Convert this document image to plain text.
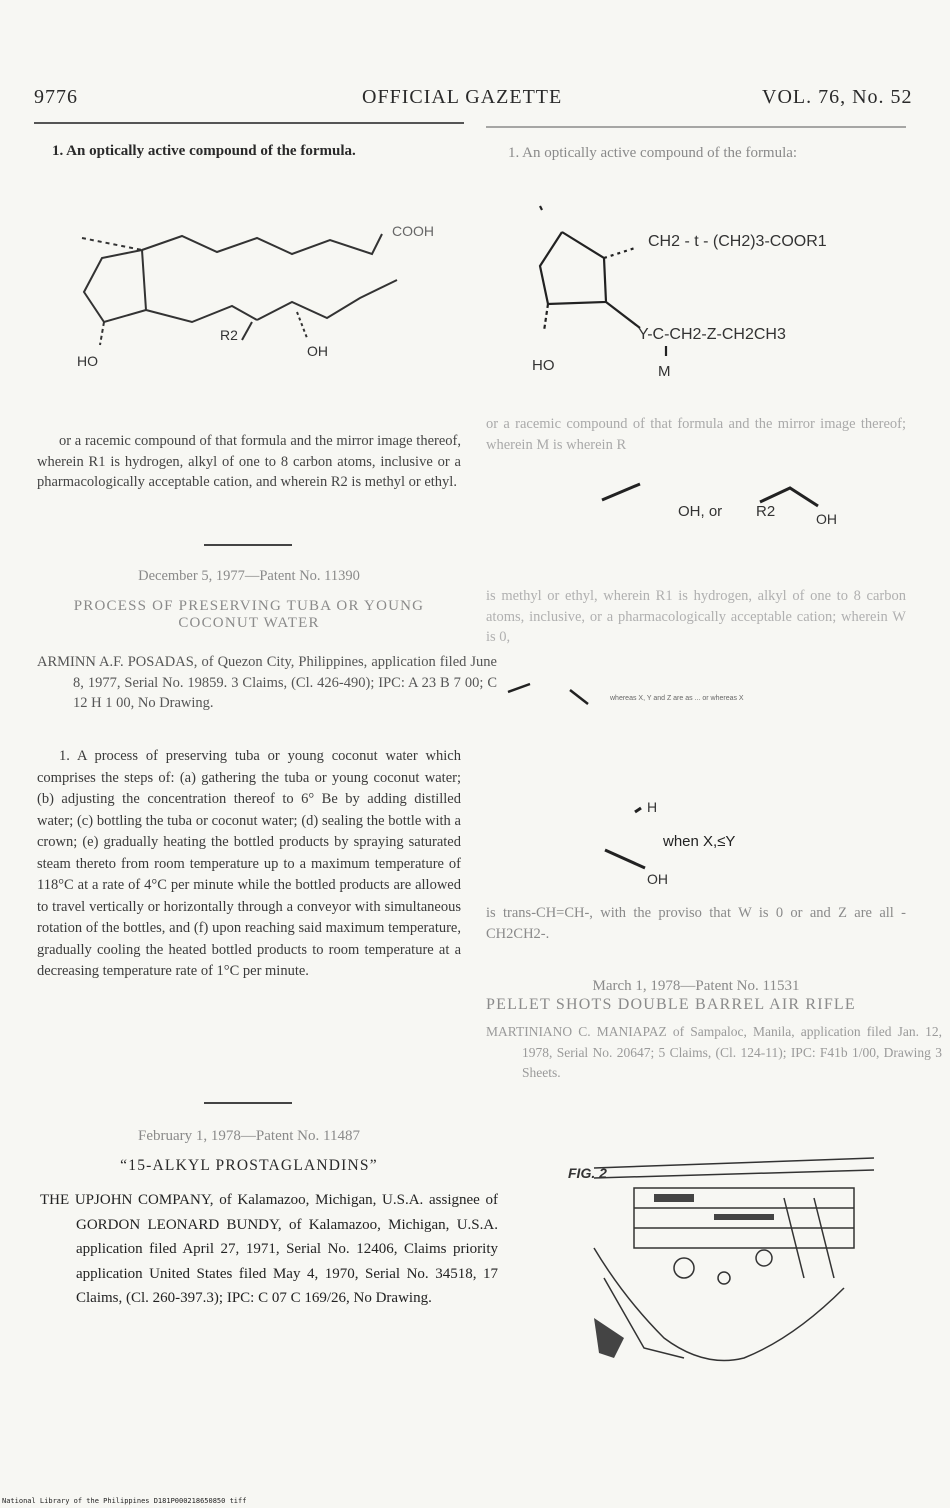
9776	OFFICIAL GAZETTE	VOL. 76, No. 52
1. An optically active compound of the formula.
COOH
HO
R2
OH
or a racemic compound of that formula and the mirror image thereof, wherein R1 is hydrogen, alkyl of one to 8 carbon atoms, inclusive or a pharmacologically acceptable cation, and wherein R2 is methyl or ethyl.
December 5, 1977—Patent No. 11390
PROCESS OF PRESERVING TUBA OR YOUNG COCONUT WATER
ARMINN A.F. POSADAS, of Quezon City, Philippines, application filed June 8, 1977, Serial No. 19859. 3 Claims, (Cl. 426-490); IPC: A 23 B 7 00; C 12 H 1 00, No Drawing.
1. A process of preserving tuba or young coconut water which comprises the steps of: (a) gathering the tuba or young coconut water; (b) adjusting the concentration thereof to 6° Be by adding distilled water; (c) bottling the tuba or coconut water; (d) sealing the bottle with a crown; (e) gradually heating the bottled products by spraying saturated steam thereto from room temperature up to a maximum temperature of 118°C at a rate of 4°C per minute while the bottled products are allowed to travel vertically or horizontally through a conveyor with simultaneous rotation of the bottles, and (f) upon reaching said maximum temperature, gradually cooling the heated bottled products to room temperature at a decreasing temperature rate of 1°C per minute.
February 1, 1978—Patent No. 11487
“15-ALKYL PROSTAGLANDINS”
THE UPJOHN COMPANY, of Kalamazoo, Michigan, U.S.A. assignee of GORDON LEONARD BUNDY, of Kalamazoo, Michigan, U.S.A. application filed April 27, 1971, Serial No. 12406, Claims priority application United States filed May 4, 1970, Serial No. 34518, 17 Claims, (Cl. 260-397.3); IPC: C 07 C 169/26, No Drawing.
1. An optically active compound of the formula:
CH2 - t - (CH2)3-COOR1
Y-C-CH2-Z-CH2CH3
HO	M
or a racemic compound of that formula and the mirror image thereof; wherein M is wherein R
OH, or R2	OH
is methyl or ethyl, wherein R1 is hydrogen, alkyl of one to 8 carbon atoms, inclusive, or a pharmacologically acceptable cation; wherein W is 0,
whereas X, Y and Z are as ... or whereas X
H
when X,≤Y
OH
is trans-CH=CH-, with the proviso that W is 0 or and Z are all -CH2CH2-.
March 1, 1978—Patent No. 11531
PELLET SHOTS DOUBLE BARREL AIR RIFLE
MARTINIANO C. MANIAPAZ of Sampaloc, Manila, application filed Jan. 12, 1978, Serial No. 20647; 5 Claims, (Cl. 124-11); IPC: F41b 1/00, Drawing 3 Sheets.
FIG. 2
National Library of the Philippines D181P000218650850 tiff
